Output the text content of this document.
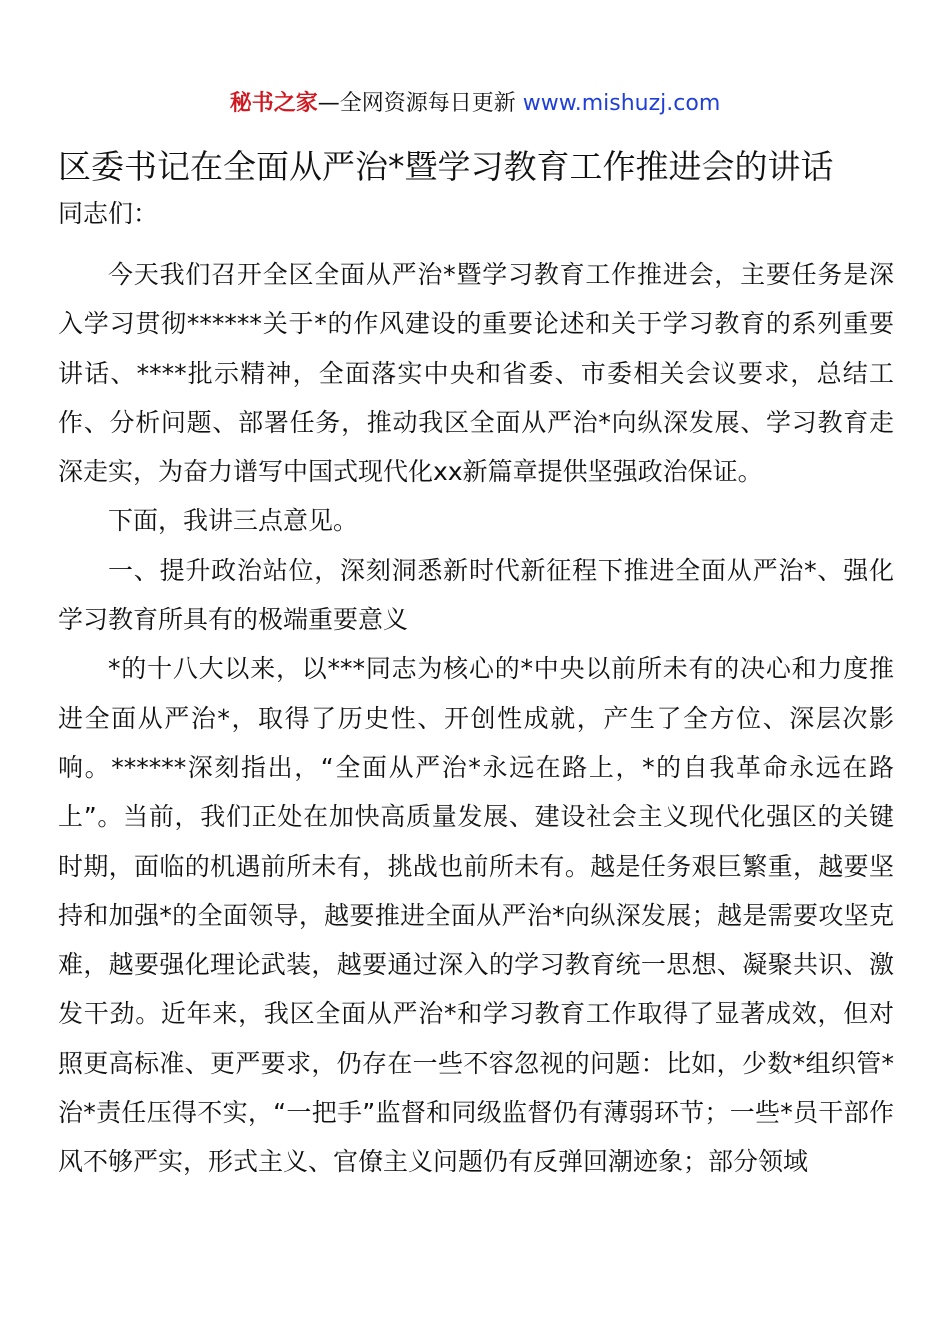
秘书之家—全网资源每日更新 www.mishuzj.com
区委书记在全面从严治*暨学习教育工作推进会的讲话
同志们：

今天我们召开全区全面从严治*暨学习教育工作推进会，主要任务是深入学习贯彻******关于*的作风建设的重要论述和关于学习教育的系列重要讲话、****批示精神，全面落实中央和省委、市委相关会议要求，总结工作、分析问题、部署任务，推动我区全面从严治*向纵深发展、学习教育走深走实，为奋力谱写中国式现代化xx新篇章提供坚强政治保证。

下面，我讲三点意见。

一、提升政治站位，深刻洞悉新时代新征程下推进全面从严治*、强化学习教育所具有的极端重要意义

*的十八大以来，以***同志为核心的*中央以前所未有的决心和力度推进全面从严治*，取得了历史性、开创性成就，产生了全方位、深层次影响。******深刻指出，“全面从严治*永远在路上，*的自我革命永远在路上”。当前，我们正处在加快高质量发展、建设社会主义现代化强区的关键时期，面临的机遇前所未有，挑战也前所未有。越是任务艰巨繁重，越要坚持和加强*的全面领导，越要推进全面从严治*向纵深发展；越是需要攻坚克难，越要强化理论武装，越要通过深入的学习教育统一思想、凝聚共识、激发干劲。近年来，我区全面从严治*和学习教育工作取得了显著成效，但对照更高标准、更严要求，仍存在一些不容忽视的问题：比如，少数*组织管*治*责任压得不实，“一把手”监督和同级监督仍有薄弱环节；一些*员干部作风不够严实，形式主义、官僚主义问题仍有反弹回潮迹象；部分领域
